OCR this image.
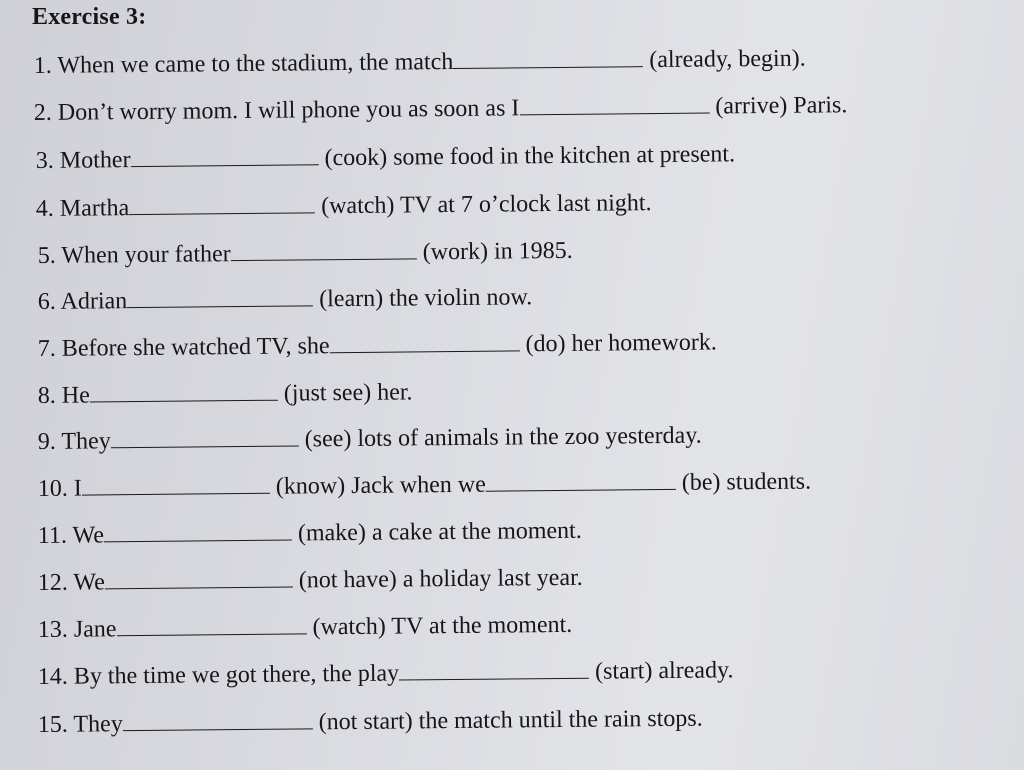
Exercise 3:
1. When we came to the stadium, the match	(already, begin).
2. Don’t worry mom. I will phone you as soon as I	(arrive) Paris.
3. Mother	(cook) some food in the kitchen at present.
4. Martha	(watch) TV at 7 o’clock last night.
5. When your father	(work) in 1985.
6. Adrian	(learn) the violin now.
7. Before she watched TV, she	(do) her homework.
8. He	(just see) her.
9. They	(see) lots of animals in the zoo yesterday.
10. I	(know) Jack when we	(be) students.
11. We	(make) a cake at the moment.
12. We	(not have) a holiday last year.
13. Jane	(watch) TV at the moment.
14. By the time we got there, the play	(start) already.
15. They	(not start) the match until the rain stops.
